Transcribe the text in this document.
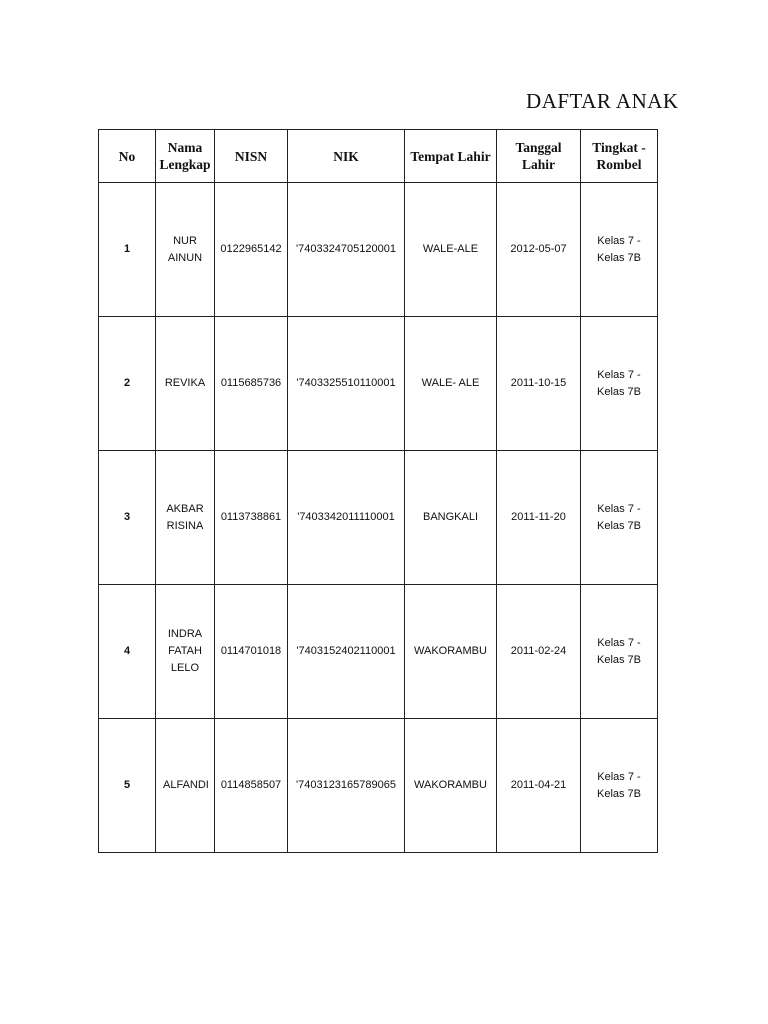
DAFTAR ANAK
No	Nama Lengkap	NISN	NIK	Tempat Lahir	Tanggal Lahir	Tingkat - Rombel
1	NUR AINUN	0122965142	'7403324705120001	WALE-ALE	2012-05-07	Kelas 7 - Kelas 7B
2	REVIKA	0115685736	'7403325510110001	WALE- ALE	2011-10-15	Kelas 7 - Kelas 7B
3	AKBAR RISINA	0113738861	'7403342011110001	BANGKALI	2011-11-20	Kelas 7 - Kelas 7B
4	INDRA FATAH LELO	0114701018	'7403152402110001	WAKORAMBU	2011-02-24	Kelas 7 - Kelas 7B
5	ALFANDI	0114858507	'7403123165789065	WAKORAMBU	2011-04-21	Kelas 7 - Kelas 7B
